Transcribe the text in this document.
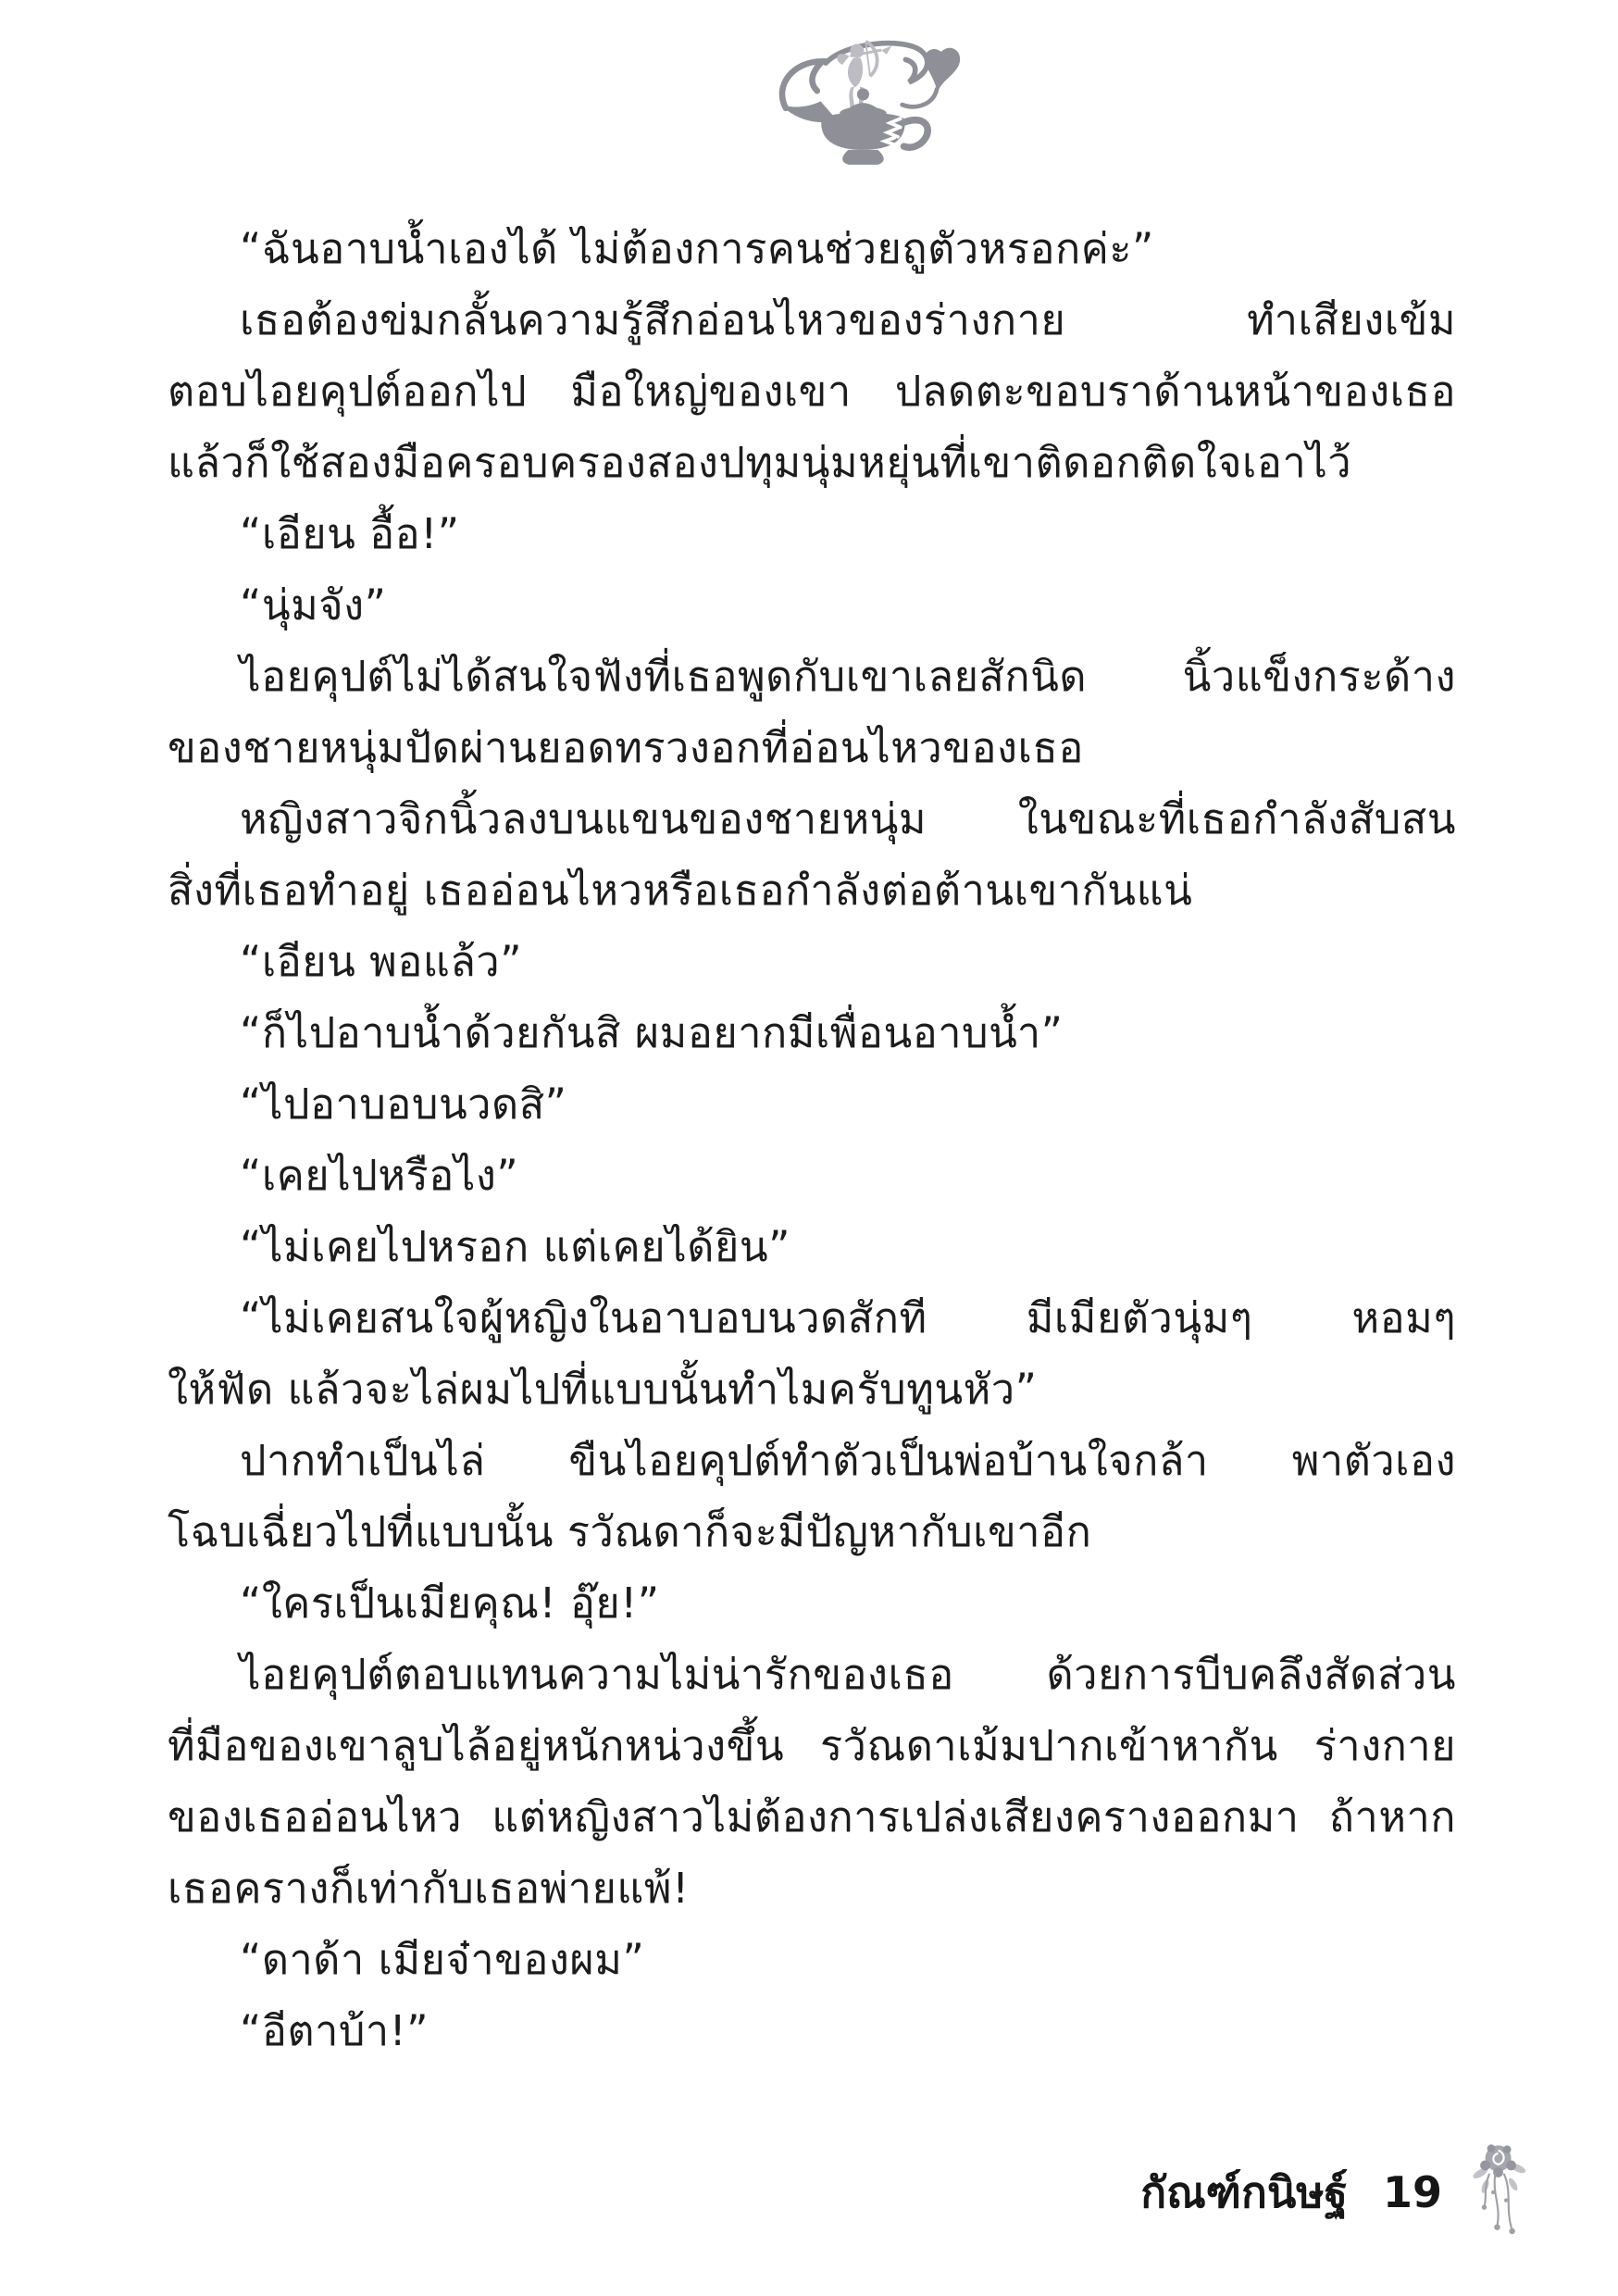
“ฉันอาบน้ำเองได้ ไม่ต้องการคนช่วยถูตัวหรอกค่ะ”
เธอต้องข่มกลั้นความรู้สึกอ่อนไหวของร่างกาย ทำเสียงเข้ม
ตอบไอยคุปต์ออกไป มือใหญ่ของเขา ปลดตะขอบราด้านหน้าของเธอ
แล้วก็ใช้สองมือครอบครองสองปทุมนุ่มหยุ่นที่เขาติดอกติดใจเอาไว้
“เอียน อื้อ!”
“นุ่มจัง”
ไอยคุปต์ไม่ได้สนใจฟังที่เธอพูดกับเขาเลยสักนิด นิ้วแข็งกระด้าง
ของชายหนุ่มปัดผ่านยอดทรวงอกที่อ่อนไหวของเธอ
หญิงสาวจิกนิ้วลงบนแขนของชายหนุ่ม ในขณะที่เธอกำลังสับสน
สิ่งที่เธอทำอยู่ เธออ่อนไหวหรือเธอกำลังต่อต้านเขากันแน่
“เอียน พอแล้ว”
“ก็ไปอาบน้ำด้วยกันสิ ผมอยากมีเพื่อนอาบน้ำ”
“ไปอาบอบนวดสิ”
“เคยไปหรือไง”
“ไม่เคยไปหรอก แต่เคยได้ยิน”
“ไม่เคยสนใจผู้หญิงในอาบอบนวดสักที มีเมียตัวนุ่มๆ หอมๆ
ให้ฟัด แล้วจะไล่ผมไปที่แบบนั้นทำไมครับทูนหัว”
ปากทำเป็นไล่ ขืนไอยคุปต์ทำตัวเป็นพ่อบ้านใจกล้า พาตัวเอง
โฉบเฉี่ยวไปที่แบบนั้น รวัณดาก็จะมีปัญหากับเขาอีก
“ใครเป็นเมียคุณ! อุ๊ย!”
ไอยคุปต์ตอบแทนความไม่น่ารักของเธอ ด้วยการบีบคลึงสัดส่วน
ที่มือของเขาลูบไล้อยู่หนักหน่วงขึ้น รวัณดาเม้มปากเข้าหากัน ร่างกาย
ของเธออ่อนไหว แต่หญิงสาวไม่ต้องการเปล่งเสียงครางออกมา ถ้าหาก
เธอครางก็เท่ากับเธอพ่ายแพ้!
“ดาด้า เมียจ๋าของผม”
“อีตาบ้า!”
กัณฑ์กนิษฐ์ 19
